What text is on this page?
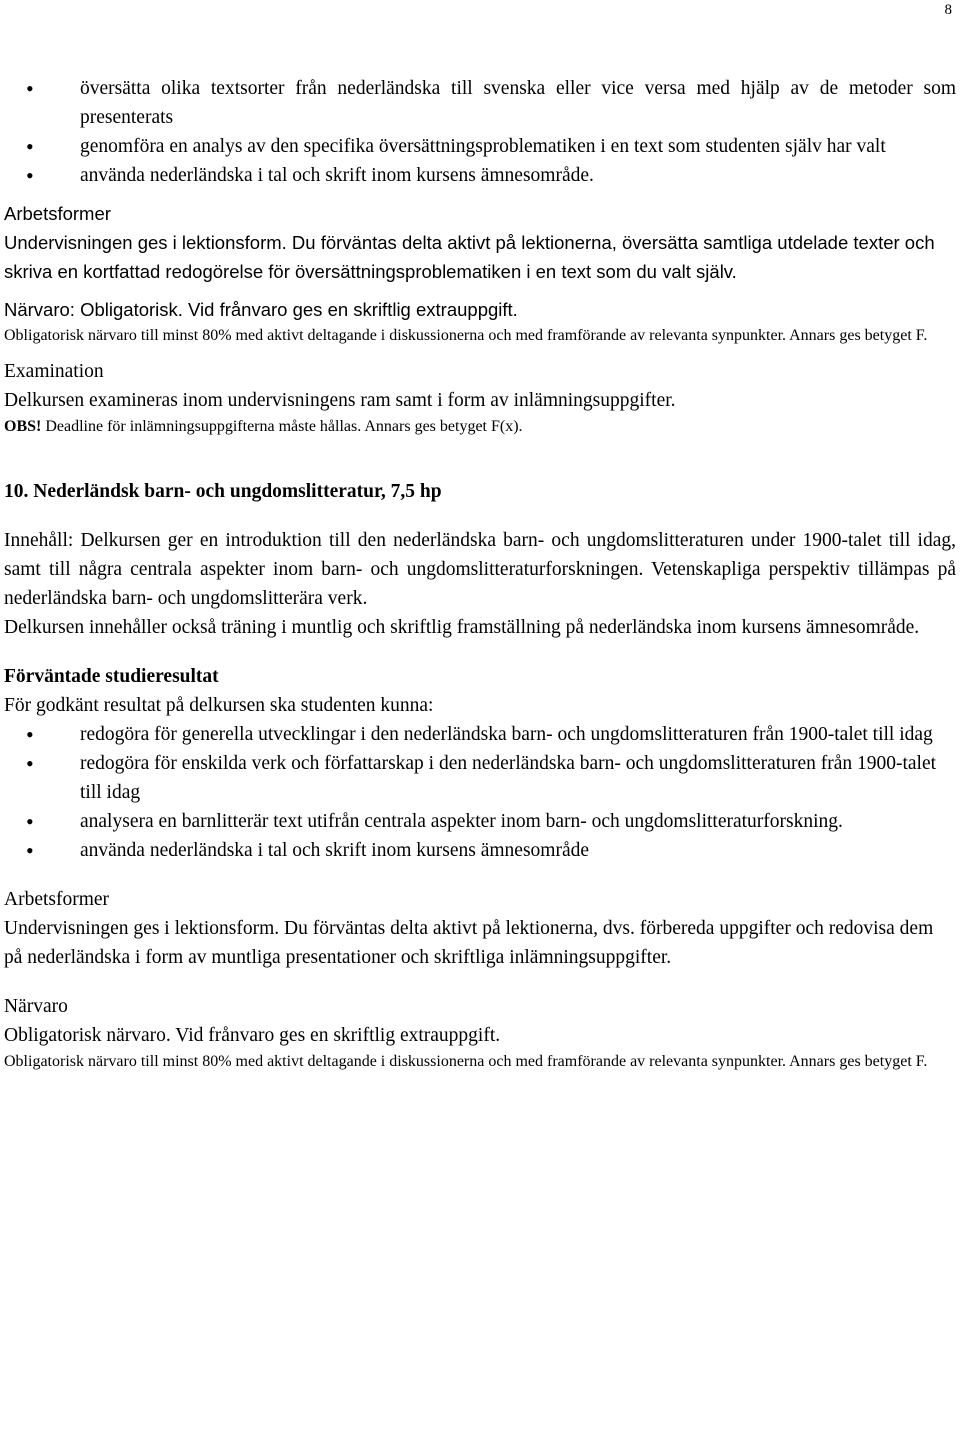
8
• översätta olika textsorter från nederländska till svenska eller vice versa med hjälp av de metoder som presenterats
• genomföra en analys av den specifika översättningsproblematiken i en text som studenten själv har valt
• använda nederländska i tal och skrift inom kursens ämnesområde.

Arbetsformer

Undervisningen ges i lektionsform. Du förväntas delta aktivt på lektionerna, översätta samtliga utdelade texter och skriva en kortfattad redogörelse för översättningsproblematiken i en text som du valt själv.

Närvaro: Obligatorisk. Vid frånvaro ges en skriftlig extrauppgift.

Obligatorisk närvaro till minst 80% med aktivt deltagande i diskussionerna och med framförande av relevanta synpunkter. Annars ges betyget F.

Examination

Delkursen examineras inom undervisningens ram samt i form av inlämningsuppgifter.

OBS! Deadline för inlämningsuppgifterna måste hållas. Annars ges betyget F(x).

10. Nederländsk barn- och ungdomslitteratur, 7,5 hp

Innehåll: Delkursen ger en introduktion till den nederländska barn- och ungdomslitteraturen under 1900-talet till idag, samt till några centrala aspekter inom barn- och ungdomslitteraturforskningen. Vetenskapliga perspektiv tillämpas på nederländska barn- och ungdomslitterära verk.

Delkursen innehåller också träning i muntlig och skriftlig framställning på nederländska inom kursens ämnesområde.

Förväntade studieresultat

För godkänt resultat på delkursen ska studenten kunna:

• redogöra för generella utvecklingar i den nederländska barn- och ungdomslitteraturen från 1900-talet till idag
• redogöra för enskilda verk och författarskap i den nederländska barn- och ungdomslitteraturen från 1900-talet till idag
• analysera en barnlitterär text utifrån centrala aspekter inom barn- och ungdomslitteraturforskning.
• använda nederländska i tal och skrift inom kursens ämnesområde

Arbetsformer

Undervisningen ges i lektionsform. Du förväntas delta aktivt på lektionerna, dvs. förbereda uppgifter och redovisa dem på nederländska i form av muntliga presentationer och skriftliga inlämningsuppgifter.

Närvaro

Obligatorisk närvaro. Vid frånvaro ges en skriftlig extrauppgift.

Obligatorisk närvaro till minst 80% med aktivt deltagande i diskussionerna och med framförande av relevanta synpunkter. Annars ges betyget F.
